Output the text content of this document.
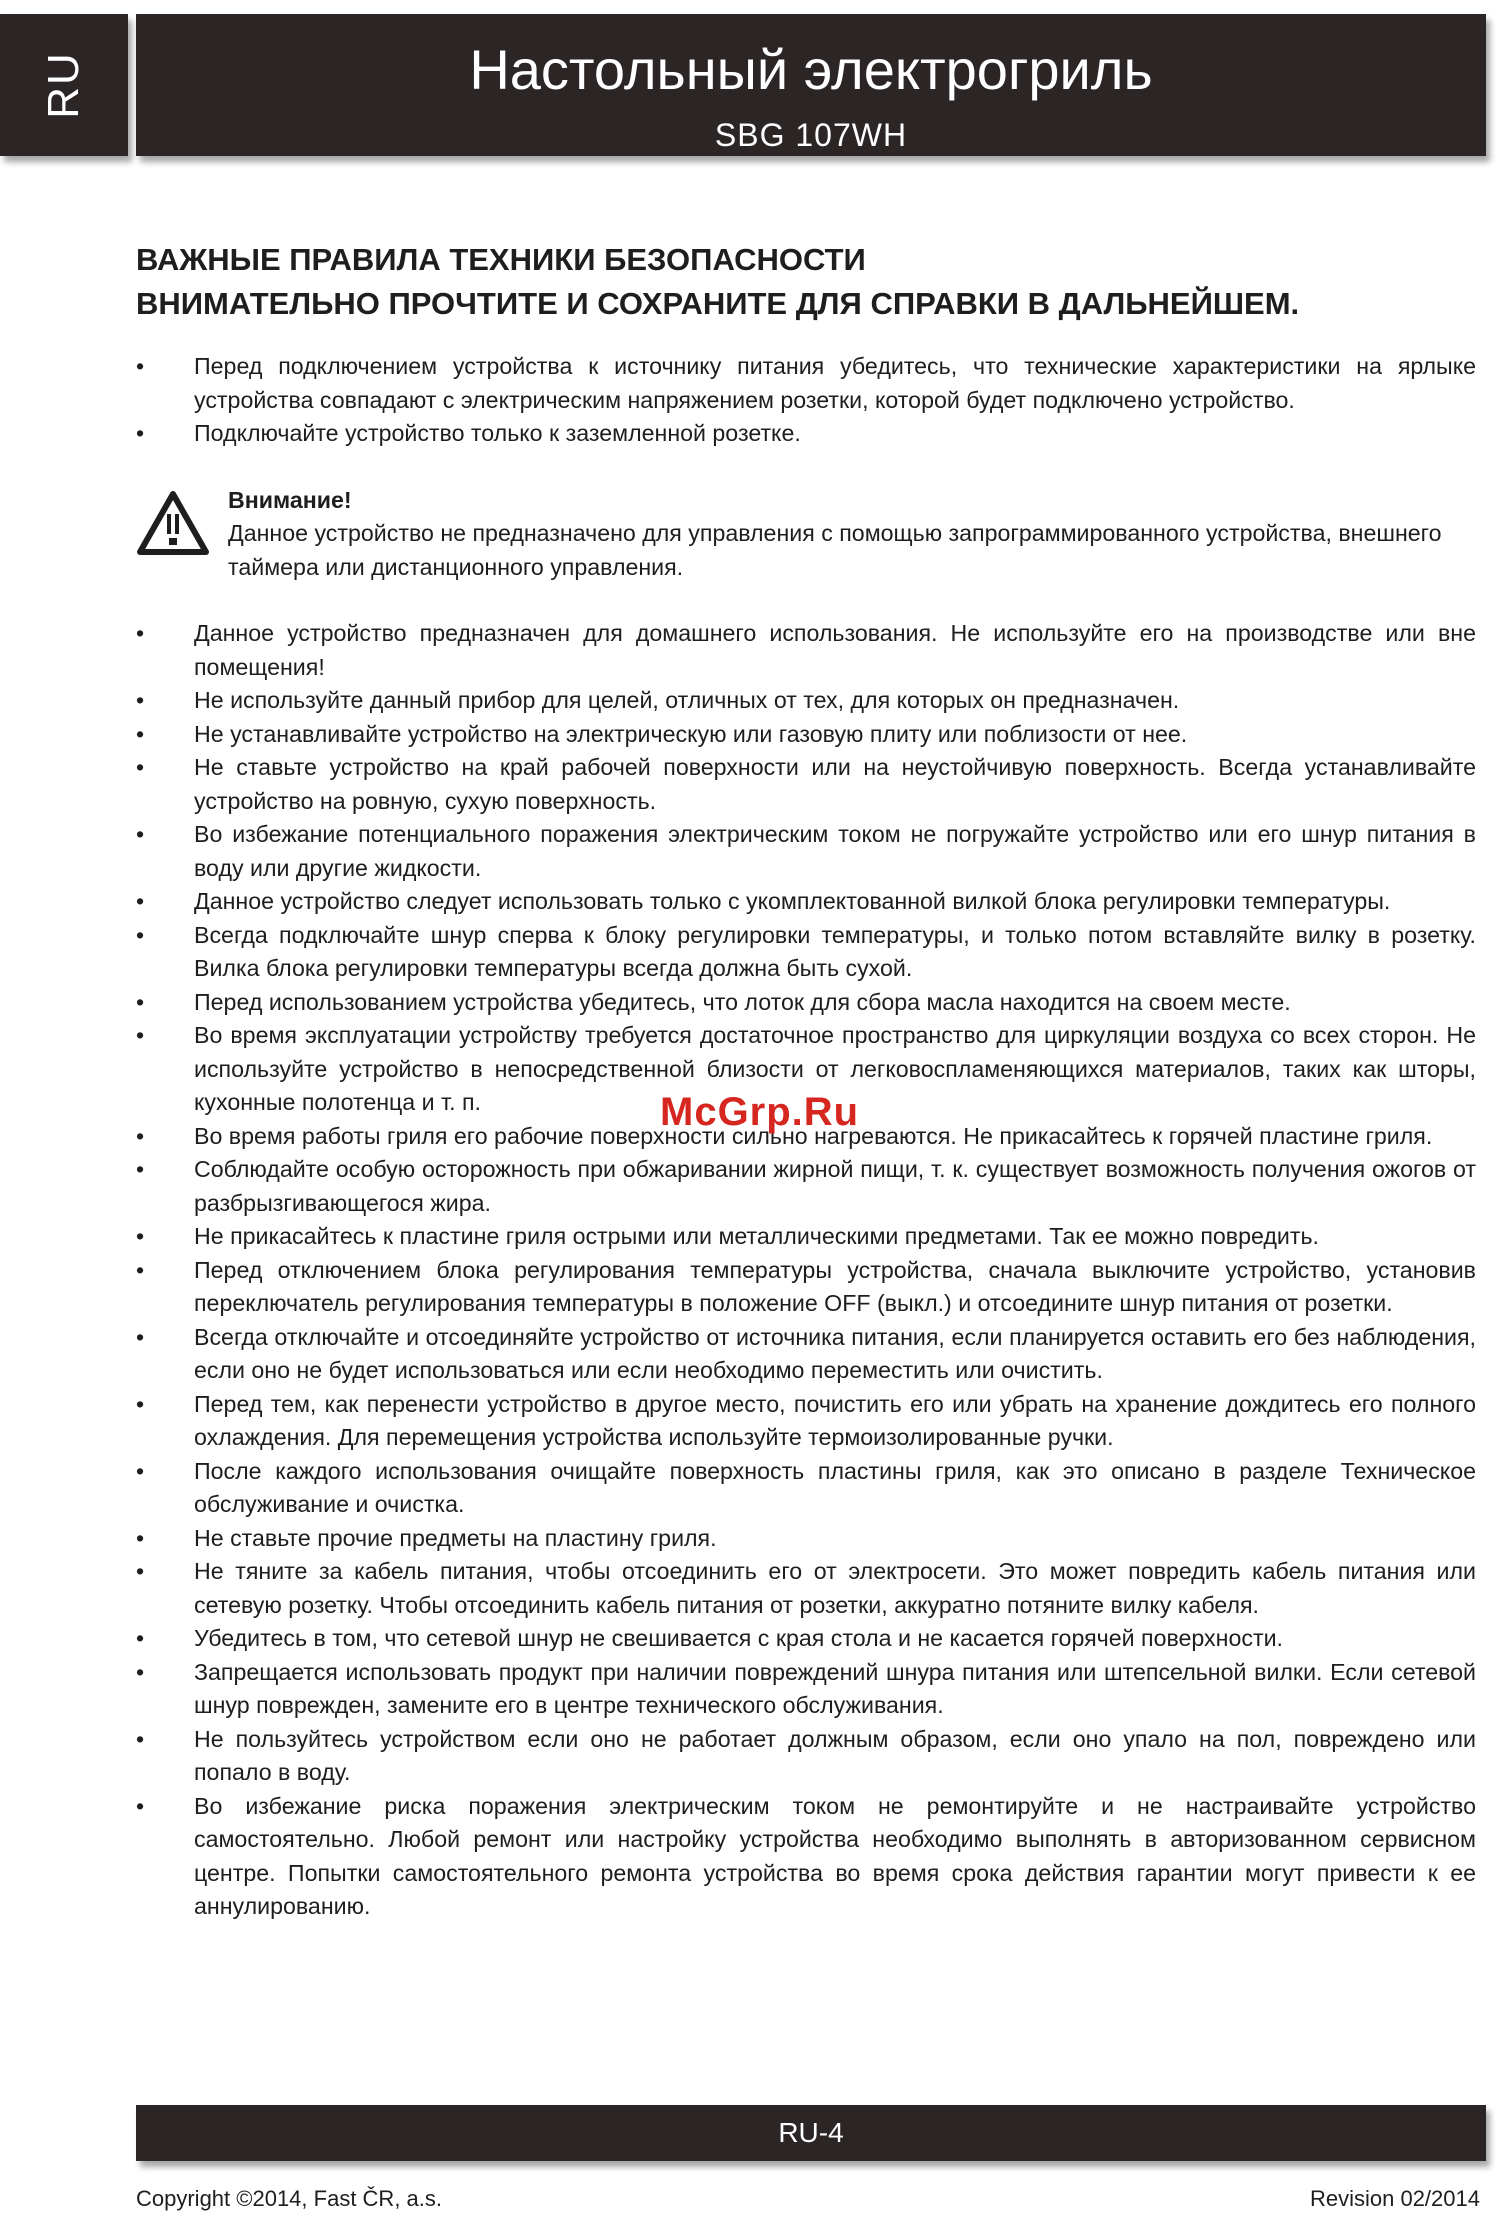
RU	Настольный электрогриль
SBG 107WH
ВАЖНЫЕ ПРАВИЛА ТЕХНИКИ БЕЗОПАСНОСТИ
ВНИМАТЕЛЬНО ПРОЧТИТЕ И СОХРАНИТЕ ДЛЯ СПРАВКИ В ДАЛЬНЕЙШЕМ.
• Перед подключением устройства к источнику питания убедитесь, что технические характеристики на ярлыке устройства совпадают с электрическим напряжением розетки, которой будет подключено устройство.
• Подключайте устройство только к заземленной розетке.
Внимание!
Данное устройство не предназначено для управления с помощью запрограммированного устройства, внешнего таймера или дистанционного управления.
• Данное устройство предназначен для домашнего использования. Не используйте его на производстве или вне помещения!
• Не используйте данный прибор для целей, отличных от тех, для которых он предназначен.
• Не устанавливайте устройство на электрическую или газовую плиту или поблизости от нее.
• Не ставьте устройство на край рабочей поверхности или на неустойчивую поверхность. Всегда устанавливайте устройство на ровную, сухую поверхность.
• Во избежание потенциального поражения электрическим током не погружайте устройство или его шнур питания в воду или другие жидкости.
• Данное устройство следует использовать только с укомплектованной вилкой блока регулировки температуры.
• Всегда подключайте шнур сперва к блоку регулировки температуры, и только потом вставляйте вилку в розетку. Вилка блока регулировки температуры всегда должна быть сухой.
• Перед использованием устройства убедитесь, что лоток для сбора масла находится на своем месте.
• Во время эксплуатации устройству требуется достаточное пространство для циркуляции воздуха со всех сторон. Не используйте устройство в непосредственной близости от легковоспламеняющихся материалов, таких как шторы, кухонные полотенца и т. п.
• Во время работы гриля его рабочие поверхности сильно нагреваются. Не прикасайтесь к горячей пластине гриля.
• Соблюдайте особую осторожность при обжаривании жирной пищи, т. к. существует возможность получения ожогов от разбрызгивающегося жира.
• Не прикасайтесь к пластине гриля острыми или металлическими предметами. Так ее можно повредить.
• Перед отключением блока регулирования температуры устройства, сначала выключите устройство, установив переключатель регулирования температуры в положение OFF (выкл.) и отсоедините шнур питания от розетки.
• Всегда отключайте и отсоединяйте устройство от источника питания, если планируется оставить его без наблюдения, если оно не будет использоваться или если необходимо переместить или очистить.
• Перед тем, как перенести устройство в другое место, почистить его или убрать на хранение дождитесь его полного охлаждения. Для перемещения устройства используйте термоизолированные ручки.
• После каждого использования очищайте поверхность пластины гриля, как это описано в разделе Техническое обслуживание и очистка.
• Не ставьте прочие предметы на пластину гриля.
• Не тяните за кабель питания, чтобы отсоединить его от электросети. Это может повредить кабель питания или сетевую розетку. Чтобы отсоединить кабель питания от розетки, аккуратно потяните вилку кабеля.
• Убедитесь в том, что сетевой шнур не свешивается с края стола и не касается горячей поверхности.
• Запрещается использовать продукт при наличии повреждений шнура питания или штепсельной вилки. Если сетевой шнур поврежден, замените его в центре технического обслуживания.
• Не пользуйтесь устройством если оно не работает должным образом, если оно упало на пол, повреждено или попало в воду.
• Во избежание риска поражения электрическим током не ремонтируйте и не настраивайте устройство самостоятельно. Любой ремонт или настройку устройства необходимо выполнять в авторизованном сервисном центре. Попытки самостоятельного ремонта устройства во время срока действия гарантии могут привести к ее аннулированию.
McGrp.Ru
RU-4
Copyright ©2014, Fast ČR, a.s.	Revision 02/2014
